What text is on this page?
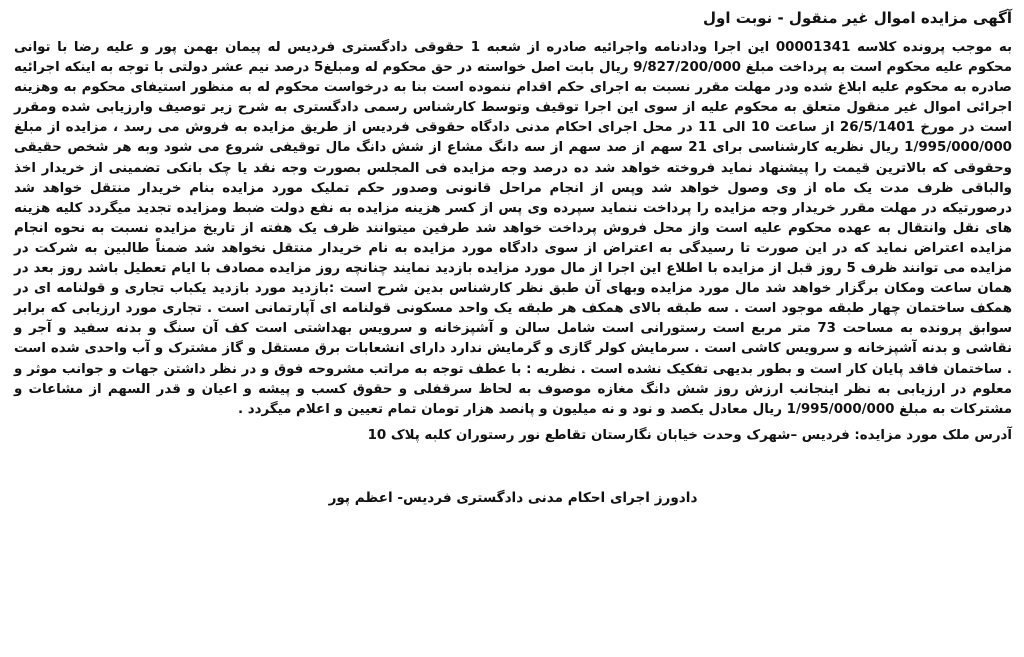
آگهی مزایده اموال غیر منقول - نوبت اول

به موجب پرونده کلاسه 00001341 این اجرا ودادنامه واجرائیه صادره از شعبه 1 حقوقی دادگستری فردیس له پیمان بهمن پور و علیه رضا با توانی محکوم علیه محکوم است به پرداخت مبلغ 9/827/200/000 ریال بابت اصل خواسته در حق محکوم له ومبلغ5 درصد نیم عشر دولتی با توجه به اینکه اجرائیه صادره به محکوم علیه ابلاغ شده ودر مهلت مقرر نسبت به اجرای حکم اقدام ننموده است بنا به درخواست محکوم له به منظور استیفای محکوم به وهزینه اجرائی اموال غیر منقول متعلق به محکوم علیه از سوی این اجرا توقیف وتوسط کارشناس رسمی دادگستری به شرح زیر توصیف وارزیابی شده ومقرر است در مورخ 26/5/1401 از ساعت 10 الی 11 در محل اجرای احکام مدنی دادگاه حقوقی فردیس از طریق مزایده به فروش می رسد ، مزایده از مبلغ 1/995/000/000 ریال نظریه کارشناسی برای 21 سهم از صد سهم از سه دانگ مشاع از شش دانگ مال توقیفی شروع می شود وبه هر شخص حقیقی وحقوقی که بالاترین قیمت را پیشنهاد نماید فروخته خواهد شد ده درصد وجه مزایده فی المجلس بصورت وجه نقد یا چک بانکی تضمینی از خریدار اخذ والباقی ظرف مدت یک ماه از وی وصول خواهد شد وپس از انجام مراحل قانونی وصدور حکم تملیک مورد مزایده بنام خریدار منتقل خواهد شد درصورتیکه در مهلت مقرر خریدار وجه مزایده را پرداخت ننماید سپرده وی پس از کسر هزینه مزایده به نفع دولت ضبط ومزایده تجدید میگردد کلیه هزینه های نقل وانتقال به عهده محکوم علیه است واز محل فروش پرداخت خواهد شد طرفین میتوانند ظرف یک هفته از تاریخ مزایده نسبت به نحوه انجام مزایده اعتراض نماید که در این صورت تا رسیدگی به اعتراض از سوی دادگاه مورد مزایده به نام خریدار منتقل نخواهد شد ضمناً طالبین به شرکت در مزایده می توانند ظرف 5 روز قبل از مزایده با اطلاع این اجرا از مال مورد مزایده بازدید نمایند چنانچه روز مزایده مصادف با ایام تعطیل باشد روز بعد در همان ساعت ومکان برگزار خواهد شد مال مورد مزایده وبهای آن طبق نظر کارشناس بدین شرح است :بازدید مورد بازدید یکباب تجاری و قولنامه ای در همکف ساختمان چهار طبقه موجود است . سه طبقه بالای همکف هر طبقه یک واحد مسکونی قولنامه ای آپارتمانی است . تجاری مورد ارزیابی که برابر سوابق پرونده به مساحت 73 متر مربع است رستورانی است شامل سالن و آشپزخانه و سرویس بهداشتی است کف آن سنگ و بدنه سفید و آجر و نقاشی و بدنه آشپزخانه و سرویس کاشی است . سرمایش کولر گازی و گرمایش ندارد دارای انشعابات برق مستقل و گاز مشترک و آب واحدی شده است . ساختمان فاقد پایان کار است و بطور بدیهی تفکیک نشده است . نظریه : با عطف توجه به مراتب مشروحه فوق و در نظر داشتن جهات و جوانب موثر و معلوم در ارزیابی به نظر اینجانب ارزش روز شش دانگ مغازه موصوف به لحاظ سرقفلی و حقوق کسب و پیشه و اعیان و قدر السهم از مشاعات و مشترکات به مبلغ 1/995/000/000 ریال معادل یکصد و نود و نه میلیون و پانصد هزار تومان تمام تعیین و اعلام میگردد .

آدرس ملک مورد مزایده: فردیس –شهرک وحدت خیابان نگارستان تقاطع نور رستوران کلبه پلاک 10
دادورز اجرای احکام مدنی دادگستری فردیس- اعظم پور
